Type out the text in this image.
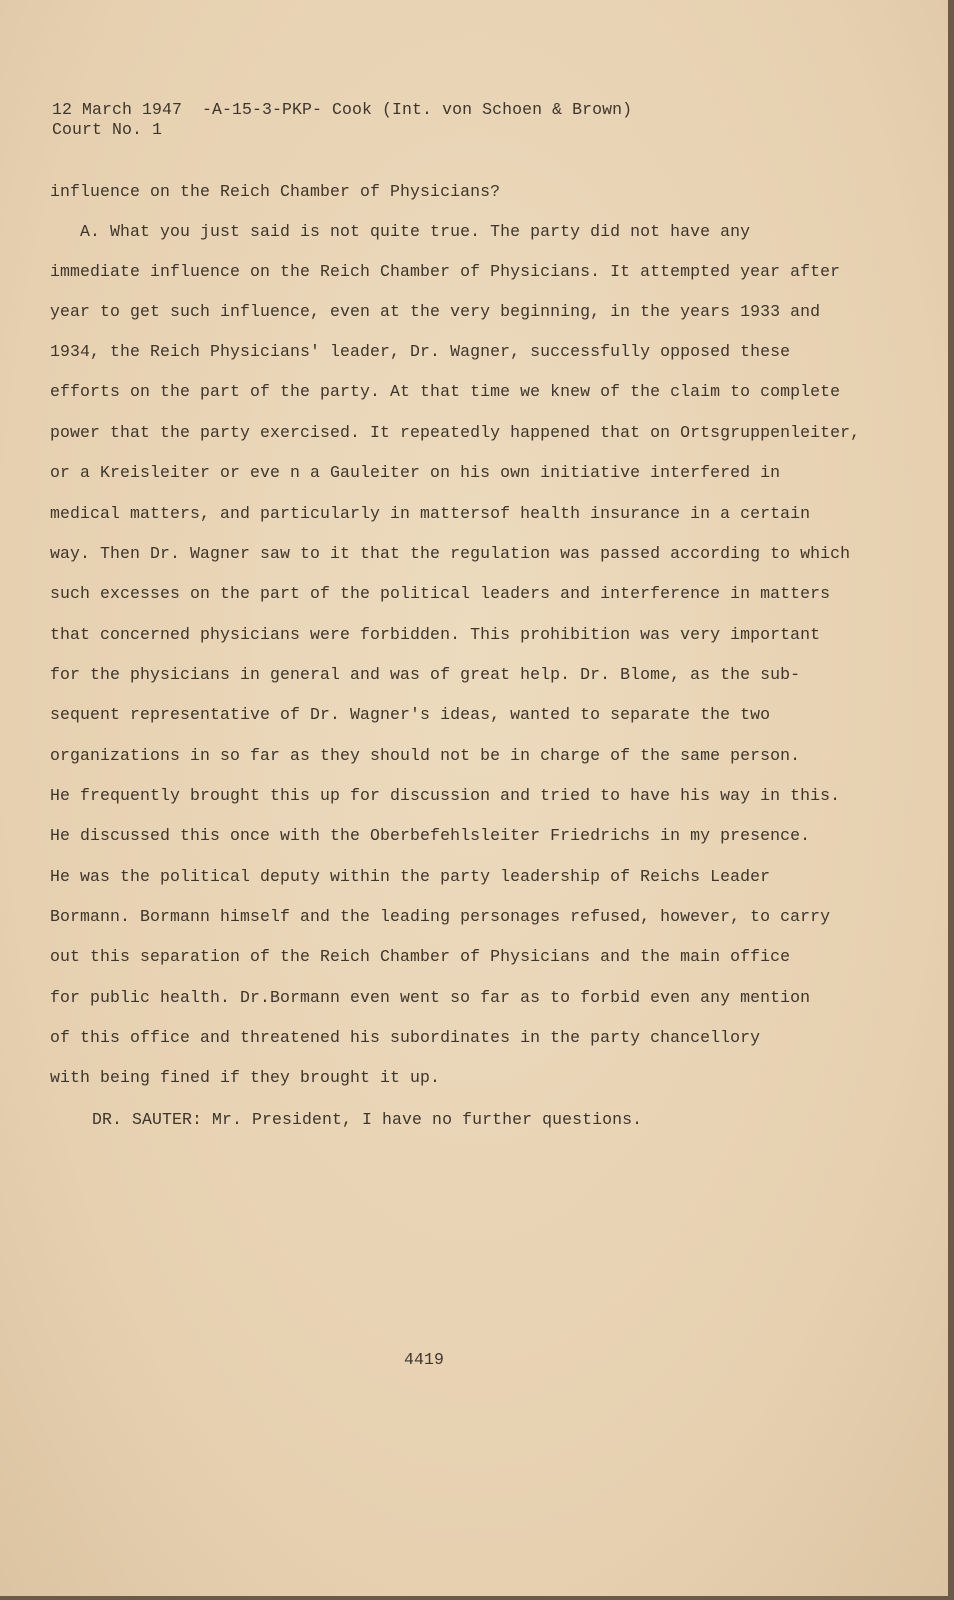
12 March 1947  -A-15-3-PKP- Cook (Int. von Schoen & Brown)
Court No. 1
influence on the Reich Chamber of Physicians?
A. What you just said is not quite true. The party did not have any
immediate influence on the Reich Chamber of Physicians. It attempted year after
year to get such influence, even at the very beginning, in the years 1933 and
1934, the Reich Physicians' leader, Dr. Wagner, successfully opposed these
efforts on the part of the party. At that time we knew of the claim to complete
power that the party exercised. It repeatedly happened that on Ortsgruppenleiter,
or a Kreisleiter or eve n a Gauleiter on his own initiative interfered in
medical matters, and particularly in mattersof health insurance in a certain
way. Then Dr. Wagner saw to it that the regulation was passed according to which
such excesses on the part of the political leaders and interference in matters
that concerned physicians were forbidden. This prohibition was very important
for the physicians in general and was of great help. Dr. Blome, as the sub-
sequent representative of Dr. Wagner's ideas, wanted to separate the two
organizations in so far as they should not be in charge of the same person.
He frequently brought this up for discussion and tried to have his way in this.
He discussed this once with the Oberbefehlsleiter Friedrichs in my presence.
He was the political deputy within the party leadership of Reichs Leader
Bormann. Bormann himself and the leading personages refused, however, to carry
out this separation of the Reich Chamber of Physicians and the main office
for public health. Dr.Bormann even went so far as to forbid even any mention
of this office and threatened his subordinates in the party chancellory
with being fined if they brought it up.
DR. SAUTER: Mr. President, I have no further questions.
4419
